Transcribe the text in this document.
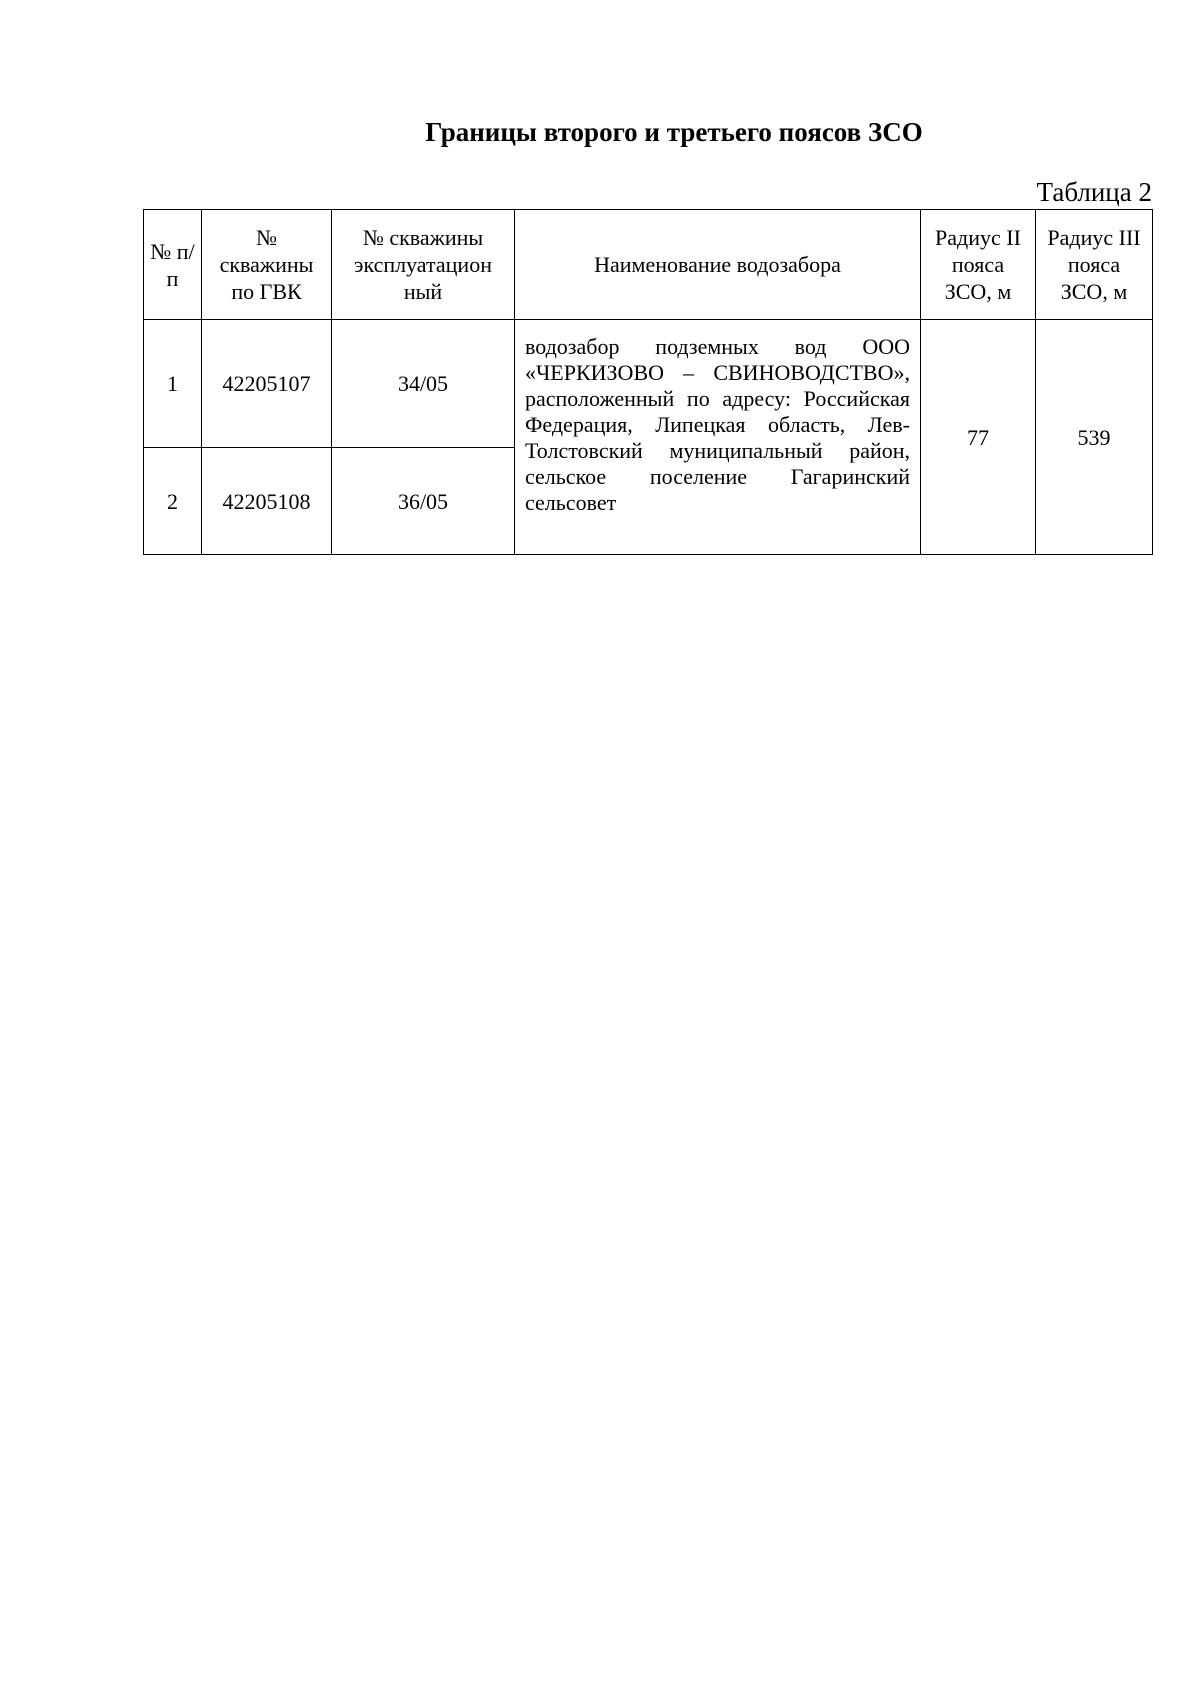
Границы второго и третьего поясов ЗСО
Таблица 2
№ п/п	№ скважины по ГВК	№ скважины эксплуатацион ный	Наименование водозабора	Радиус II пояса ЗСО, м	Радиус III пояса ЗСО, м
1	42205107	34/05	водозабор подземных вод ООО «ЧЕРКИЗОВО – СВИНОВОДСТВО», расположенный по адресу: Российская Федерация, Липецкая область, Лев-Толстовский муниципальный район, сельское поселение Гагаринский сельсовет	77	539
2	42205108	36/05			
